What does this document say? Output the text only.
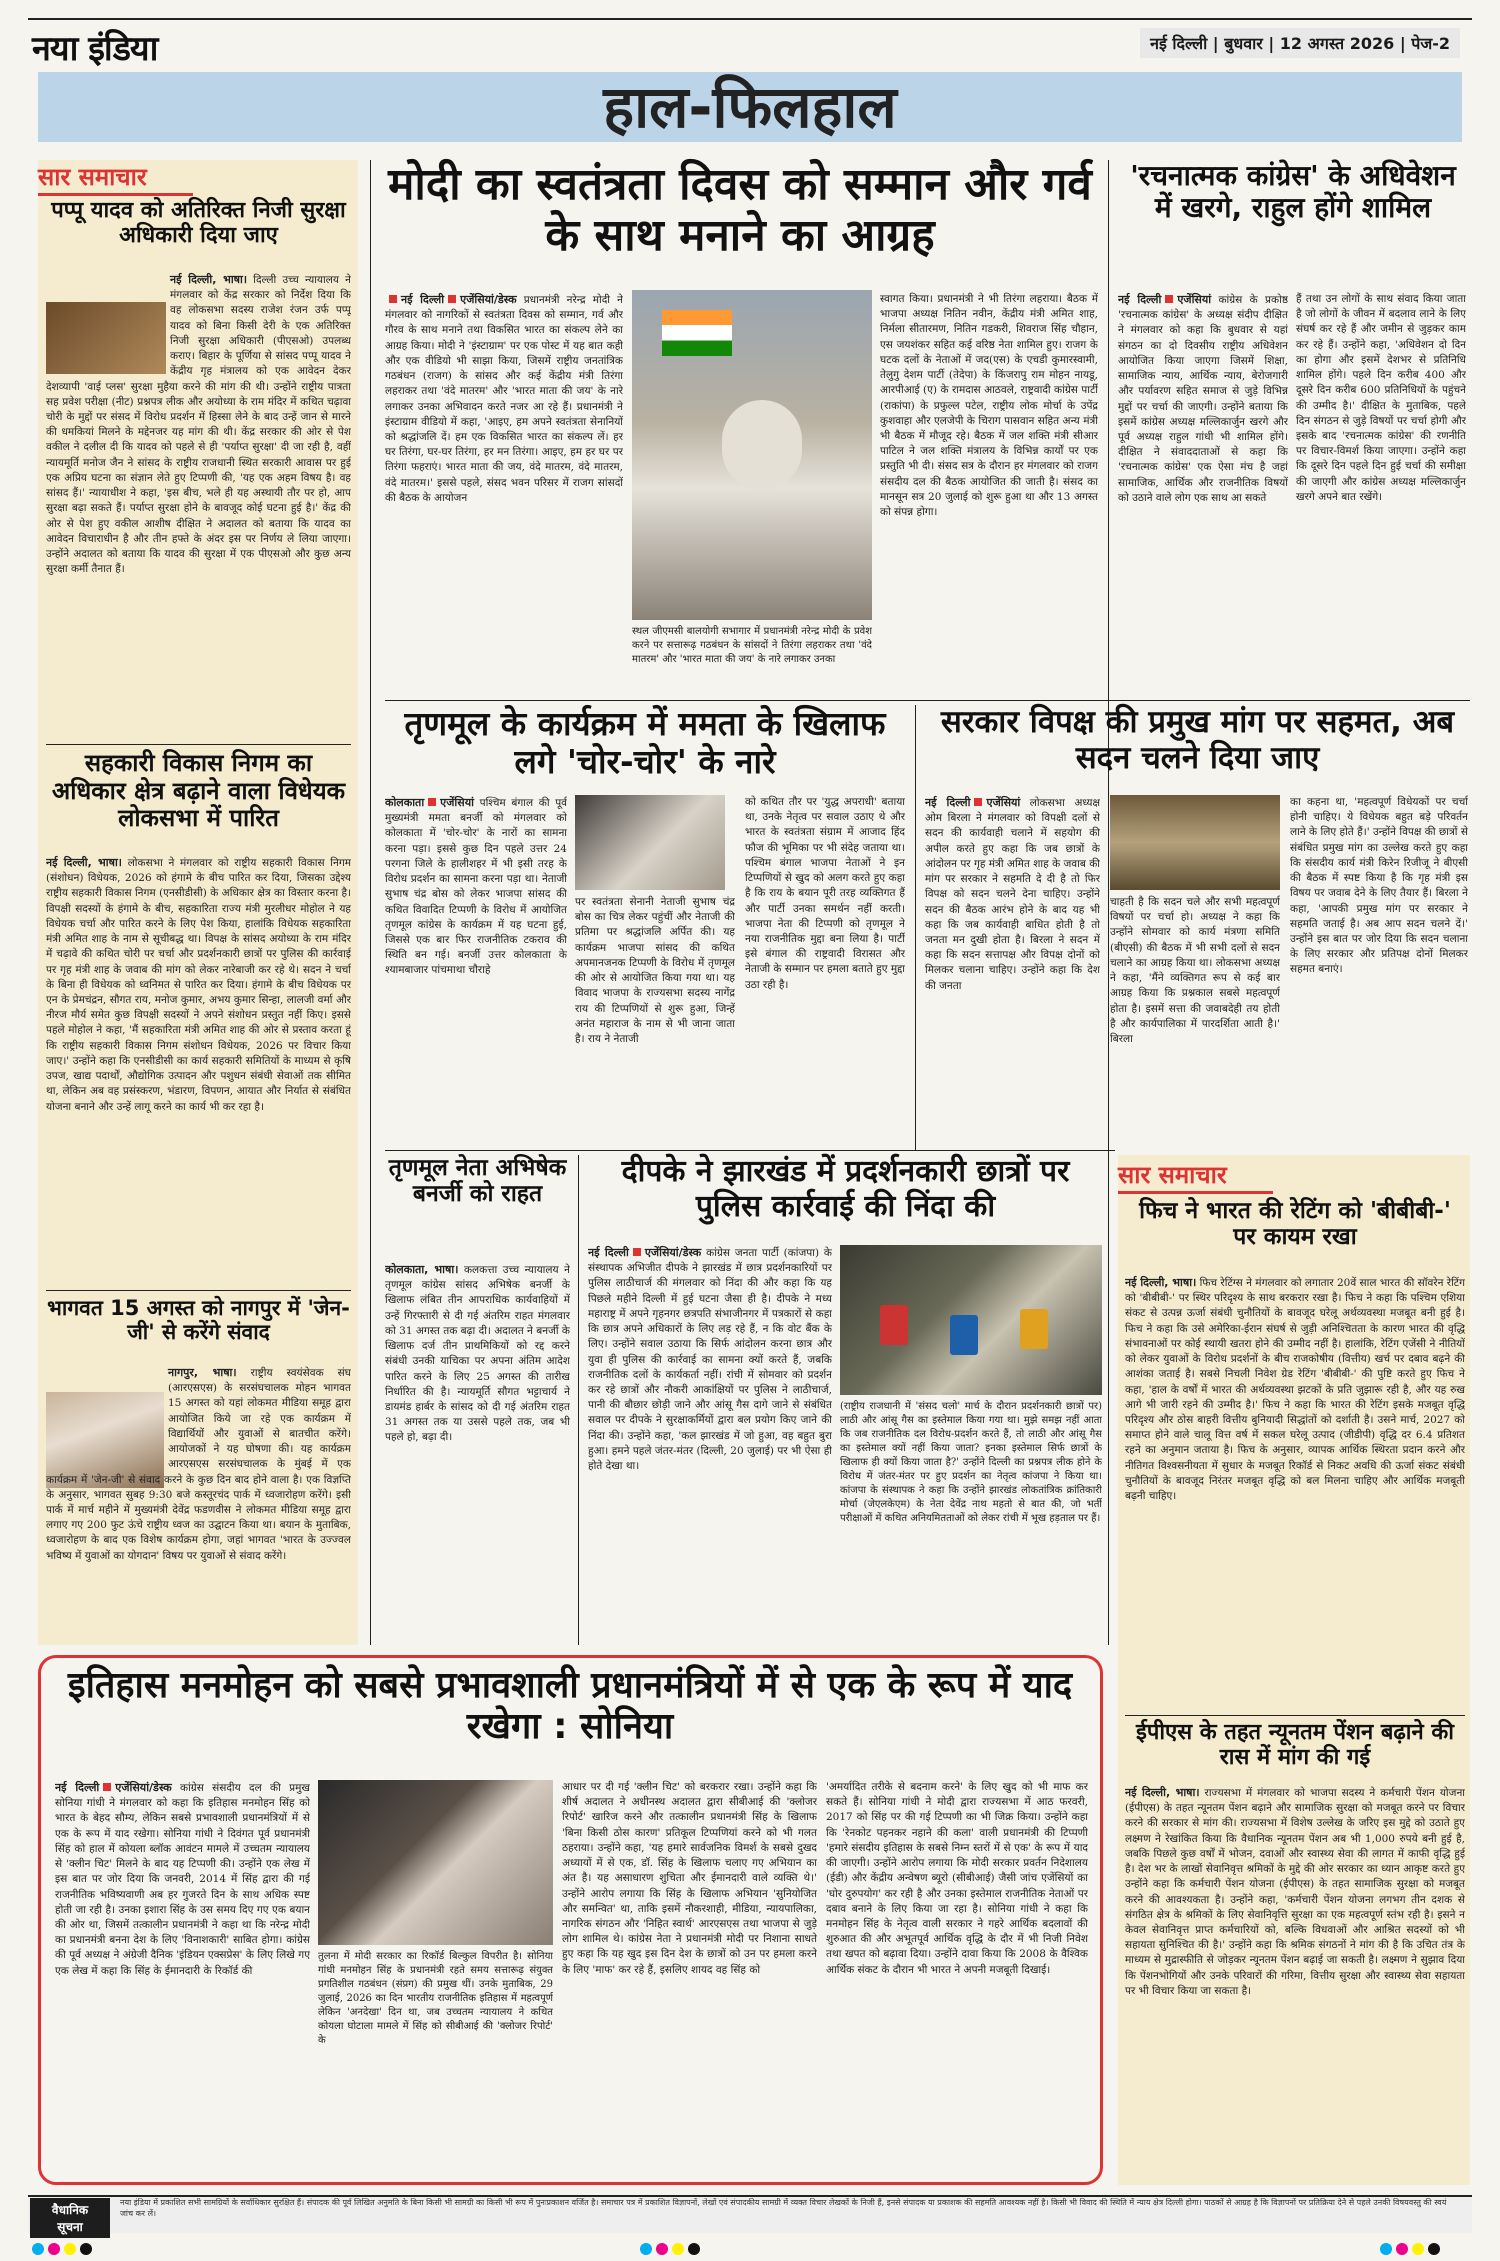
नया इंडिया	नई दिल्ली | बुधवार | 12 अगस्त 2026 | पेज-2
हाल-फिलहाल
सार समाचार
पप्पू यादव को अतिरिक्त निजी सुरक्षा अधिकारी दिया जाए
नई दिल्ली, भाषा। दिल्ली उच्च न्यायालय ने मंगलवार को केंद्र सरकार को निर्देश दिया कि वह लोकसभा सदस्य राजेश रंजन उर्फ पप्पू यादव को बिना किसी देरी के एक अतिरिक्त निजी सुरक्षा अधिकारी (पीएसओ) उपलब्ध कराए। बिहार के पूर्णिया से सांसद पप्पू यादव ने केंद्रीय गृह मंत्रालय को एक आवेदन देकर देशव्यापी 'वाई प्लस' सुरक्षा मुहैया करने की मांग की थी। उन्होंने राष्ट्रीय पात्रता सह प्रवेश परीक्षा (नीट) प्रश्नपत्र लीक और अयोध्या के राम मंदिर में कथित चढ़ावा चोरी के मुद्दों पर संसद में विरोध प्रदर्शन में हिस्सा लेने के बाद उन्हें जान से मारने की धमकियां मिलने के मद्देनजर यह मांग की थी। केंद्र सरकार की ओर से पेश वकील ने दलील दी कि यादव को पहले से ही 'पर्याप्त सुरक्षा' दी जा रही है, वहीं न्यायमूर्ति मनोज जैन ने सांसद के राष्ट्रीय राजधानी स्थित सरकारी आवास पर हुई एक अप्रिय घटना का संज्ञान लेते हुए टिप्पणी की, 'यह एक अहम विषय है। वह सांसद हैं।' न्यायाधीश ने कहा, 'इस बीच, भले ही यह अस्थायी तौर पर हो, आप सुरक्षा बढ़ा सकते हैं। पर्याप्त सुरक्षा होने के बावजूद कोई घटना हुई है।' केंद्र की ओर से पेश हुए वकील आशीष दीक्षित ने अदालत को बताया कि यादव का आवेदन विचाराधीन है और तीन हफ्ते के अंदर इस पर निर्णय ले लिया जाएगा। उन्होंने अदालत को बताया कि यादव की सुरक्षा में एक पीएसओ और कुछ अन्य सुरक्षा कर्मी तैनात हैं।
सहकारी विकास निगम का अधिकार क्षेत्र बढ़ाने वाला विधेयक लोकसभा में पारित
नई दिल्ली, भाषा। लोकसभा ने मंगलवार को राष्ट्रीय सहकारी विकास निगम (संशोधन) विधेयक, 2026 को हंगामे के बीच पारित कर दिया, जिसका उद्देश्य राष्ट्रीय सहकारी विकास निगम (एनसीडीसी) के अधिकार क्षेत्र का विस्तार करना है। विपक्षी सदस्यों के हंगामे के बीच, सहकारिता राज्य मंत्री मुरलीधर मोहोल ने यह विधेयक चर्चा और पारित करने के लिए पेश किया, हालांकि विधेयक सहकारिता मंत्री अमित शाह के नाम से सूचीबद्ध था। विपक्ष के सांसद अयोध्या के राम मंदिर में चढ़ावे की कथित चोरी पर चर्चा और प्रदर्शनकारी छात्रों पर पुलिस की कार्रवाई पर गृह मंत्री शाह के जवाब की मांग को लेकर नारेबाजी कर रहे थे। सदन ने चर्चा के बिना ही विधेयक को ध्वनिमत से पारित कर दिया। हंगामे के बीच विधेयक पर एन के प्रेमचंद्रन, सौगत राय, मनोज कुमार, अभय कुमार सिन्हा, लालजी वर्मा और नीरज मौर्य समेत कुछ विपक्षी सदस्यों ने अपने संशोधन प्रस्तुत नहीं किए। इससे पहले मोहोल ने कहा, 'मैं सहकारिता मंत्री अमित शाह की ओर से प्रस्ताव करता हूं कि राष्ट्रीय सहकारी विकास निगम संशोधन विधेयक, 2026 पर विचार किया जाए।' उन्होंने कहा कि एनसीडीसी का कार्य सहकारी समितियों के माध्यम से कृषि उपज, खाद्य पदार्थों, औद्योगिक उत्पादन और पशुधन संबंधी सेवाओं तक सीमित था, लेकिन अब वह प्रसंस्करण, भंडारण, विपणन, आयात और निर्यात से संबंधित योजना बनाने और उन्हें लागू करने का कार्य भी कर रहा है।
भागवत 15 अगस्त को नागपुर में 'जेन-जी' से करेंगे संवाद
नागपुर, भाषा। राष्ट्रीय स्वयंसेवक संघ (आरएसएस) के सरसंघचालक मोहन भागवत 15 अगस्त को यहां लोकमत मीडिया समूह द्वारा आयोजित किये जा रहे एक कार्यक्रम में विद्यार्थियों और युवाओं से बातचीत करेंगे। आयोजकों ने यह घोषणा की। यह कार्यक्रम आरएसएस सरसंघचालक के मुंबई में एक कार्यक्रम में 'जेन-जी' से संवाद करने के कुछ दिन बाद होने वाला है। एक विज्ञप्ति के अनुसार, भागवत सुबह 9:30 बजे कस्तूरचंद पार्क में ध्वजारोहण करेंगे। इसी पार्क में मार्च महीने में मुख्यमंत्री देवेंद्र फडणवीस ने लोकमत मीडिया समूह द्वारा लगाए गए 200 फुट ऊंचे राष्ट्रीय ध्वज का उद्घाटन किया था। बयान के मुताबिक, ध्वजारोहण के बाद एक विशेष कार्यक्रम होगा, जहां भागवत 'भारत के उज्ज्वल भविष्य में युवाओं का योगदान' विषय पर युवाओं से संवाद करेंगे।
मोदी का स्वतंत्रता दिवस को सम्मान और गर्व के साथ मनाने का आग्रह
नई दिल्ली एजेंसियां/डेस्क प्रधानमंत्री नरेन्द्र मोदी ने मंगलवार को नागरिकों से स्वतंत्रता दिवस को सम्मान, गर्व और गौरव के साथ मनाने तथा विकसित भारत का संकल्प लेने का आग्रह किया। मोदी ने 'इंस्टाग्राम' पर एक पोस्ट में यह बात कही और एक वीडियो भी साझा किया, जिसमें राष्ट्रीय जनतांत्रिक गठबंधन (राजग) के सांसद और कई केंद्रीय मंत्री तिरंगा लहराकर तथा 'वंदे मातरम' और 'भारत माता की जय' के नारे लगाकर उनका अभिवादन करते नजर आ रहे हैं। प्रधानमंत्री ने इंस्टाग्राम वीडियो में कहा, 'आइए, हम अपने स्वतंत्रता सेनानियों को श्रद्धांजलि दें। हम एक विकसित भारत का संकल्प लें। हर घर तिरंगा, घर-घर तिरंगा, हर मन तिरंगा। आइए, हम हर घर पर तिरंगा फहराएं। भारत माता की जय, वंदे मातरम, वंदे मातरम, वंदे मातरम।' इससे पहले, संसद भवन परिसर में राजग सांसदों की बैठक के आयोजन
स्थल जीएमसी बालयोगी सभागार में प्रधानमंत्री नरेन्द्र मोदी के प्रवेश करने पर सत्तारूढ़ गठबंधन के सांसदों ने तिरंगा लहराकर तथा 'वंदे मातरम' और 'भारत माता की जय' के नारे लगाकर उनका
स्वागत किया। प्रधानमंत्री ने भी तिरंगा लहराया। बैठक में भाजपा अध्यक्ष नितिन नवीन, केंद्रीय मंत्री अमित शाह, निर्मला सीतारमण, नितिन गडकरी, शिवराज सिंह चौहान, एस जयशंकर सहित कई वरिष्ठ नेता शामिल हुए। राजग के घटक दलों के नेताओं में जद(एस) के एचडी कुमारस्वामी, तेलुगु देशम पार्टी (तेदेपा) के किंजरापु राम मोहन नायडू, आरपीआई (ए) के रामदास आठवले, राष्ट्रवादी कांग्रेस पार्टी (राकांपा) के प्रफुल्ल पटेल, राष्ट्रीय लोक मोर्चा के उपेंद्र कुशवाहा और एलजेपी के चिराग पासवान सहित अन्य मंत्री भी बैठक में मौजूद रहे। बैठक में जल शक्ति मंत्री सीआर पाटिल ने जल शक्ति मंत्रालय के विभिन्न कार्यों पर एक प्रस्तुति भी दी। संसद सत्र के दौरान हर मंगलवार को राजग संसदीय दल की बैठक आयोजित की जाती है। संसद का मानसून सत्र 20 जुलाई को शुरू हुआ था और 13 अगस्त को संपन्न होगा।
'रचनात्मक कांग्रेस' के अधिवेशन में खरगे, राहुल होंगे शामिल
नई दिल्ली एजेंसियां कांग्रेस के प्रकोष्ठ 'रचनात्मक कांग्रेस' के अध्यक्ष संदीप दीक्षित ने मंगलवार को कहा कि बुधवार से यहां संगठन का दो दिवसीय राष्ट्रीय अधिवेशन आयोजित किया जाएगा जिसमें शिक्षा, सामाजिक न्याय, आर्थिक न्याय, बेरोजगारी और पर्यावरण सहित समाज से जुड़े विभिन्न मुद्दों पर चर्चा की जाएगी। उन्होंने बताया कि इसमें कांग्रेस अध्यक्ष मल्लिकार्जुन खरगे और पूर्व अध्यक्ष राहुल गांधी भी शामिल होंगे। दीक्षित ने संवाददाताओं से कहा कि 'रचनात्मक कांग्रेस' एक ऐसा मंच है जहां सामाजिक, आर्थिक और राजनीतिक विषयों को उठाने वाले लोग एक साथ आ सकते
हैं तथा उन लोगों के साथ संवाद किया जाता है जो लोगों के जीवन में बदलाव लाने के लिए संघर्ष कर रहे हैं और जमीन से जुड़कर काम कर रहे हैं। उन्होंने कहा, 'अधिवेशन दो दिन का होगा और इसमें देशभर से प्रतिनिधि शामिल होंगे। पहले दिन करीब 400 और दूसरे दिन करीब 600 प्रतिनिधियों के पहुंचने की उम्मीद है।' दीक्षित के मुताबिक, पहले दिन संगठन से जुड़े विषयों पर चर्चा होगी और इसके बाद 'रचनात्मक कांग्रेस' की रणनीति पर विचार-विमर्श किया जाएगा। उन्होंने कहा कि दूसरे दिन पहले दिन हुई चर्चा की समीक्षा की जाएगी और कांग्रेस अध्यक्ष मल्लिकार्जुन खरगे अपने बात रखेंगे।
तृणमूल के कार्यक्रम में ममता के खिलाफ लगे 'चोर-चोर' के नारे
कोलकाता एजेंसियां पश्चिम बंगाल की पूर्व मुख्यमंत्री ममता बनर्जी को मंगलवार को कोलकाता में 'चोर-चोर' के नारों का सामना करना पड़ा। इससे कुछ दिन पहले उत्तर 24 परगना जिले के हालीशहर में भी इसी तरह के विरोध प्रदर्शन का सामना करना पड़ा था। नेताजी सुभाष चंद्र बोस को लेकर भाजपा सांसद की कथित विवादित टिप्पणी के विरोध में आयोजित तृणमूल कांग्रेस के कार्यक्रम में यह घटना हुई, जिससे एक बार फिर राजनीतिक टकराव की स्थिति बन गई। बनर्जी उत्तर कोलकाता के श्यामबाजार पांचमाथा चौराहे
पर स्वतंत्रता सेनानी नेताजी सुभाष चंद्र बोस का चित्र लेकर पहुंचीं और नेताजी की प्रतिमा पर श्रद्धांजलि अर्पित की। यह कार्यक्रम भाजपा सांसद की कथित अपमानजनक टिप्पणी के विरोध में तृणमूल की ओर से आयोजित किया गया था। यह विवाद भाजपा के राज्यसभा सदस्य नागेंद्र राय की टिप्पणियों से शुरू हुआ, जिन्हें अनंत महाराज के नाम से भी जाना जाता है। राय ने नेताजी
को कथित तौर पर 'युद्ध अपराधी' बताया था, उनके नेतृत्व पर सवाल उठाए थे और भारत के स्वतंत्रता संग्राम में आजाद हिंद फौज की भूमिका पर भी संदेह जताया था। पश्चिम बंगाल भाजपा नेताओं ने इन टिप्पणियों से खुद को अलग करते हुए कहा है कि राय के बयान पूरी तरह व्यक्तिगत हैं और पार्टी उनका समर्थन नहीं करती। भाजपा नेता की टिप्पणी को तृणमूल ने नया राजनीतिक मुद्दा बना लिया है। पार्टी इसे बंगाल की राष्ट्रवादी विरासत और नेताजी के सम्मान पर हमला बताते हुए मुद्दा उठा रही है।
सरकार विपक्ष की प्रमुख मांग पर सहमत, अब सदन चलने दिया जाए
नई दिल्ली एजेंसियां लोकसभा अध्यक्ष ओम बिरला ने मंगलवार को विपक्षी दलों से सदन की कार्यवाही चलाने में सहयोग की अपील करते हुए कहा कि जब छात्रों के आंदोलन पर गृह मंत्री अमित शाह के जवाब की मांग पर सरकार ने सहमति दे दी है तो फिर विपक्ष को सदन चलने देना चाहिए। उन्होंने सदन की बैठक आरंभ होने के बाद यह भी कहा कि जब कार्यवाही बाधित होती है तो जनता मन दुखी होता है। बिरला ने सदन में कहा कि सदन सत्तापक्ष और विपक्ष दोनों को मिलकर चलाना चाहिए। उन्होंने कहा कि देश की जनता
चाहती है कि सदन चले और सभी महत्वपूर्ण विषयों पर चर्चा हो। अध्यक्ष ने कहा कि उन्होंने सोमवार को कार्य मंत्रणा समिति (बीएसी) की बैठक में भी सभी दलों से सदन चलाने का आग्रह किया था। लोकसभा अध्यक्ष ने कहा, 'मैंने व्यक्तिगत रूप से कई बार आग्रह किया कि प्रश्नकाल सबसे महत्वपूर्ण होता है। इसमें सत्ता की जवाबदेही तय होती है और कार्यपालिका में पारदर्शिता आती है।' बिरला
का कहना था, 'महत्वपूर्ण विधेयकों पर चर्चा होनी चाहिए। ये विधेयक बहुत बड़े परिवर्तन लाने के लिए होते हैं।' उन्होंने विपक्ष की छात्रों से संबंधित प्रमुख मांग का उल्लेख करते हुए कहा कि संसदीय कार्य मंत्री किरेन रिजीजू ने बीएसी की बैठक में स्पष्ट किया है कि गृह मंत्री इस विषय पर जवाब देने के लिए तैयार हैं। बिरला ने कहा, 'आपकी प्रमुख मांग पर सरकार ने सहमति जताई है। अब आप सदन चलने दें।' उन्होंने इस बात पर जोर दिया कि सदन चलाना के लिए सरकार और प्रतिपक्ष दोनों मिलकर सहमत बनाएं।
तृणमूल नेता अभिषेक बनर्जी को राहत
कोलकाता, भाषा। कलकत्ता उच्च न्यायालय ने तृणमूल कांग्रेस सांसद अभिषेक बनर्जी के खिलाफ लंबित तीन आपराधिक कार्यवाहियों में उन्हें गिरफ्तारी से दी गई अंतरिम राहत मंगलवार को 31 अगस्त तक बढ़ा दी। अदालत ने बनर्जी के खिलाफ दर्ज तीन प्राथमिकियों को रद्द करने संबंधी उनकी याचिका पर अपना अंतिम आदेश पारित करने के लिए 25 अगस्त की तारीख निर्धारित की है। न्यायमूर्ति सौगत भट्टाचार्य ने डायमंड हार्बर के सांसद को दी गई अंतरिम राहत 31 अगस्त तक या उससे पहले तक, जब भी पहले हो, बढ़ा दी।
दीपके ने झारखंड में प्रदर्शनकारी छात्रों पर पुलिस कार्रवाई की निंदा की
नई दिल्ली एजेंसियां/डेस्क कांग्रेस जनता पार्टी (कांजपा) के संस्थापक अभिजीत दीपके ने झारखंड में छात्र प्रदर्शनकारियों पर पुलिस लाठीचार्ज की मंगलवार को निंदा की और कहा कि यह पिछले महीने दिल्ली में हुई घटना जैसा ही है। दीपके ने मध्य महाराष्ट्र में अपने गृहनगर छत्रपति संभाजीनगर में पत्रकारों से कहा कि छात्र अपने अधिकारों के लिए लड़ रहे हैं, न कि वोट बैंक के लिए। उन्होंने सवाल उठाया कि सिर्फ आंदोलन करना छात्र और युवा ही पुलिस की कार्रवाई का सामना क्यों करते हैं, जबकि राजनीतिक दलों के कार्यकर्ता नहीं। रांची में सोमवार को प्रदर्शन कर रहे छात्रों और नौकरी आकांक्षियों पर पुलिस ने लाठीचार्ज, पानी की बौछार छोड़ी जाने और आंसू गैस दागे जाने से संबंधित सवाल पर दीपके ने सुरक्षाकर्मियों द्वारा बल प्रयोग किए जाने की निंदा की। उन्होंने कहा, 'कल झारखंड में जो हुआ, वह बहुत बुरा हुआ। हमने पहले जंतर-मंतर (दिल्ली, 20 जुलाई) पर भी ऐसा ही होते देखा था।
(राष्ट्रीय राजधानी में 'संसद चलो' मार्च के दौरान प्रदर्शनकारी छात्रों पर) लाठी और आंसू गैस का इस्तेमाल किया गया था। मुझे समझ नहीं आता कि जब राजनीतिक दल विरोध-प्रदर्शन करते हैं, तो लाठी और आंसू गैस का इस्तेमाल क्यों नहीं किया जाता? इनका इस्तेमाल सिर्फ छात्रों के खिलाफ ही क्यों किया जाता है?' उन्होंने दिल्ली का प्रश्नपत्र लीक होने के विरोध में जंतर-मंतर पर हुए प्रदर्शन का नेतृत्व कांजपा ने किया था। कांजपा के संस्थापक ने कहा कि उन्होंने झारखंड लोकतांत्रिक क्रांतिकारी मोर्चा (जेएलकेएम) के नेता देवेंद्र नाथ महतो से बात की, जो भर्ती परीक्षाओं में कथित अनियमितताओं को लेकर रांची में भूख हड़ताल पर हैं।
सार समाचार
फिच ने भारत की रेटिंग को 'बीबीबी-' पर कायम रखा
नई दिल्ली, भाषा। फिच रेटिंग्स ने मंगलवार को लगातार 20वें साल भारत की सॉवरेन रेटिंग को 'बीबीबी-' पर स्थिर परिदृश्य के साथ बरकरार रखा है। फिच ने कहा कि पश्चिम एशिया संकट से उत्पन्न ऊर्जा संबंधी चुनौतियों के बावजूद घरेलू अर्थव्यवस्था मजबूत बनी हुई है। फिच ने कहा कि उसे अमेरिका-ईरान संघर्ष से जुड़ी अनिश्चितता के कारण भारत की वृद्धि संभावनाओं पर कोई स्थायी खतरा होने की उम्मीद नहीं है। हालांकि, रेटिंग एजेंसी ने नीतियों को लेकर युवाओं के विरोध प्रदर्शनों के बीच राजकोषीय (वित्तीय) खर्च पर दबाव बढ़ने की आशंका जताई है। सबसे निचली निवेश ग्रेड रेटिंग 'बीबीबी-' की पुष्टि करते हुए फिच ने कहा, 'हाल के वर्षों में भारत की अर्थव्यवस्था झटकों के प्रति जुझारू रही है, और यह रुख आगे भी जारी रहने की उम्मीद है।' फिच ने कहा कि भारत की रेटिंग इसके मजबूत वृद्धि परिदृश्य और ठोस बाहरी वित्तीय बुनियादी सिद्धांतों को दर्शाती है। उसने मार्च, 2027 को समाप्त होने वाले चालू वित्त वर्ष में सकल घरेलू उत्पाद (जीडीपी) वृद्धि दर 6.4 प्रतिशत रहने का अनुमान जताया है। फिच के अनुसार, व्यापक आर्थिक स्थिरता प्रदान करने और नीतिगत विश्वसनीयता में सुधार के मजबूत रिकॉर्ड से निकट अवधि की ऊर्जा संकट संबंधी चुनौतियों के बावजूद निरंतर मजबूत वृद्धि को बल मिलना चाहिए और आर्थिक मजबूती बढ़नी चाहिए।
ईपीएस के तहत न्यूनतम पेंशन बढ़ाने की रास में मांग की गई
नई दिल्ली, भाषा। राज्यसभा में मंगलवार को भाजपा सदस्य ने कर्मचारी पेंशन योजना (ईपीएस) के तहत न्यूनतम पेंशन बढ़ाने और सामाजिक सुरक्षा को मजबूत करने पर विचार करने की सरकार से मांग की। राज्यसभा में विशेष उल्लेख के जरिए इस मुद्दे को उठाते हुए लक्ष्मण ने रेखांकित किया कि वैधानिक न्यूनतम पेंशन अब भी 1,000 रुपये बनी हुई है, जबकि पिछले कुछ वर्षों में भोजन, दवाओं और स्वास्थ्य सेवा की लागत में काफी वृद्धि हुई है। देश भर के लाखों सेवानिवृत्त श्रमिकों के मुद्दे की ओर सरकार का ध्यान आकृष्ट करते हुए उन्होंने कहा कि कर्मचारी पेंशन योजना (ईपीएस) के तहत सामाजिक सुरक्षा को मजबूत करने की आवश्यकता है। उन्होंने कहा, 'कर्मचारी पेंशन योजना लगभग तीन दशक से संगठित क्षेत्र के श्रमिकों के लिए सेवानिवृत्ति सुरक्षा का एक महत्वपूर्ण स्तंभ रही है। इसने न केवल सेवानिवृत्त प्राप्त कर्मचारियों को, बल्कि विधवाओं और आश्रित सदस्यों को भी सहायता सुनिश्चित की है।' उन्होंने कहा कि श्रमिक संगठनों ने मांग की है कि उचित तंत्र के माध्यम से मुद्रास्फीति से जोड़कर न्यूनतम पेंशन बढ़ाई जा सकती है। लक्ष्मण ने सुझाव दिया कि पेंशनभोगियों और उनके परिवारों की गरिमा, वित्तीय सुरक्षा और स्वास्थ्य सेवा सहायता पर भी विचार किया जा सकता है।
इतिहास मनमोहन को सबसे प्रभावशाली प्रधानमंत्रियों में से एक के रूप में याद रखेगा : सोनिया
नई दिल्ली एजेंसियां/डेस्क कांग्रेस संसदीय दल की प्रमुख सोनिया गांधी ने मंगलवार को कहा कि इतिहास मनमोहन सिंह को भारत के बेहद सौम्य, लेकिन सबसे प्रभावशाली प्रधानमंत्रियों में से एक के रूप में याद रखेगा। सोनिया गांधी ने दिवंगत पूर्व प्रधानमंत्री सिंह को हाल में कोयला ब्लॉक आवंटन मामले में उच्चतम न्यायालय से 'क्लीन चिट' मिलने के बाद यह टिप्पणी की। उन्होंने एक लेख में इस बात पर जोर दिया कि जनवरी, 2014 में सिंह द्वारा की गई राजनीतिक भविष्यवाणी अब हर गुजरते दिन के साथ अधिक स्पष्ट होती जा रही है। उनका इशारा सिंह के उस समय दिए गए एक बयान की ओर था, जिसमें तत्कालीन प्रधानमंत्री ने कहा था कि नरेन्द्र मोदी का प्रधानमंत्री बनना देश के लिए 'विनाशकारी' साबित होगा। कांग्रेस की पूर्व अध्यक्ष ने अंग्रेजी दैनिक 'इंडियन एक्सप्रेस' के लिए लिखे गए एक लेख में कहा कि सिंह के ईमानदारी के रिकॉर्ड की
तुलना में मोदी सरकार का रिकॉर्ड बिल्कुल विपरीत है। सोनिया गांधी मनमोहन सिंह के प्रधानमंत्री रहते समय सत्तारूढ़ संयुक्त प्रगतिशील गठबंधन (संप्रग) की प्रमुख थीं। उनके मुताबिक, 29 जुलाई, 2026 का दिन भारतीय राजनीतिक इतिहास में महत्वपूर्ण लेकिन 'अनदेखा' दिन था, जब उच्चतम न्यायालय ने कथित कोयला घोटाला मामले में सिंह को सीबीआई की 'क्लोजर रिपोर्ट' के
आधार पर दी गई 'क्लीन चिट' को बरकरार रखा। उन्होंने कहा कि शीर्ष अदालत ने अधीनस्थ अदालत द्वारा सीबीआई की 'क्लोजर रिपोर्ट' खारिज करने और तत्कालीन प्रधानमंत्री सिंह के खिलाफ 'बिना किसी ठोस कारण' प्रतिकूल टिप्पणियां करने को भी गलत ठहराया। उन्होंने कहा, 'यह हमारे सार्वजनिक विमर्श के सबसे दुखद अध्यायों में से एक, डॉ. सिंह के खिलाफ चलाए गए अभियान का अंत है। यह असाधारण शुचिता और ईमानदारी वाले व्यक्ति थे।' उन्होंने आरोप लगाया कि सिंह के खिलाफ अभियान 'सुनियोजित और समन्वित' था, ताकि इसमें नौकरशाही, मीडिया, न्यायपालिका, नागरिक संगठन और 'निहित स्वार्थ' आरएसएस तथा भाजपा से जुड़े लोग शामिल थे। कांग्रेस नेता ने प्रधानमंत्री मोदी पर निशाना साधते हुए कहा कि यह खुद इस दिन देश के छात्रों को उन पर हमला करने के लिए 'माफ' कर रहे हैं, इसलिए शायद वह सिंह को
'अमर्यादित तरीके से बदनाम करने' के लिए खुद को भी माफ कर सकते हैं। सोनिया गांधी ने मोदी द्वारा राज्यसभा में आठ फरवरी, 2017 को सिंह पर की गई टिप्पणी का भी जिक्र किया। उन्होंने कहा कि 'रेनकोट पहनकर नहाने की कला' वाली प्रधानमंत्री की टिप्पणी 'हमारे संसदीय इतिहास के सबसे निम्न स्तरों में से एक' के रूप में याद की जाएगी। उन्होंने आरोप लगाया कि मोदी सरकार प्रवर्तन निदेशालय (ईडी) और केंद्रीय अन्वेषण ब्यूरो (सीबीआई) जैसी जांच एजेंसियों का 'घोर दुरुपयोग' कर रही है और उनका इस्तेमाल राजनीतिक नेताओं पर दबाव बनाने के लिए किया जा रहा है। सोनिया गांधी ने कहा कि मनमोहन सिंह के नेतृत्व वाली सरकार ने गहरे आर्थिक बदलावों की शुरुआत की और अभूतपूर्व आर्थिक वृद्धि के दौर में भी निजी निवेश तथा खपत को बढ़ावा दिया। उन्होंने दावा किया कि 2008 के वैश्विक आर्थिक संकट के दौरान भी भारत ने अपनी मजबूती दिखाई।
वैधानिक
सूचना
नया इंडिया में प्रकाशित सभी सामग्रियों के सर्वाधिकार सुरक्षित हैं। संपादक की पूर्व लिखित अनुमति के बिना किसी भी सामग्री का किसी भी रूप में पुनःप्रकाशन वर्जित है। समाचार पत्र में प्रकाशित विज्ञापनों, लेखों एवं संपादकीय सामग्री में व्यक्त विचार लेखकों के निजी हैं, इनसे संपादक या प्रकाशक की सहमति आवश्यक नहीं है। किसी भी विवाद की स्थिति में न्याय क्षेत्र दिल्ली होगा। पाठकों से आग्रह है कि विज्ञापनों पर प्रतिक्रिया देने से पहले उनकी विषयवस्तु की स्वयं जांच कर लें।
